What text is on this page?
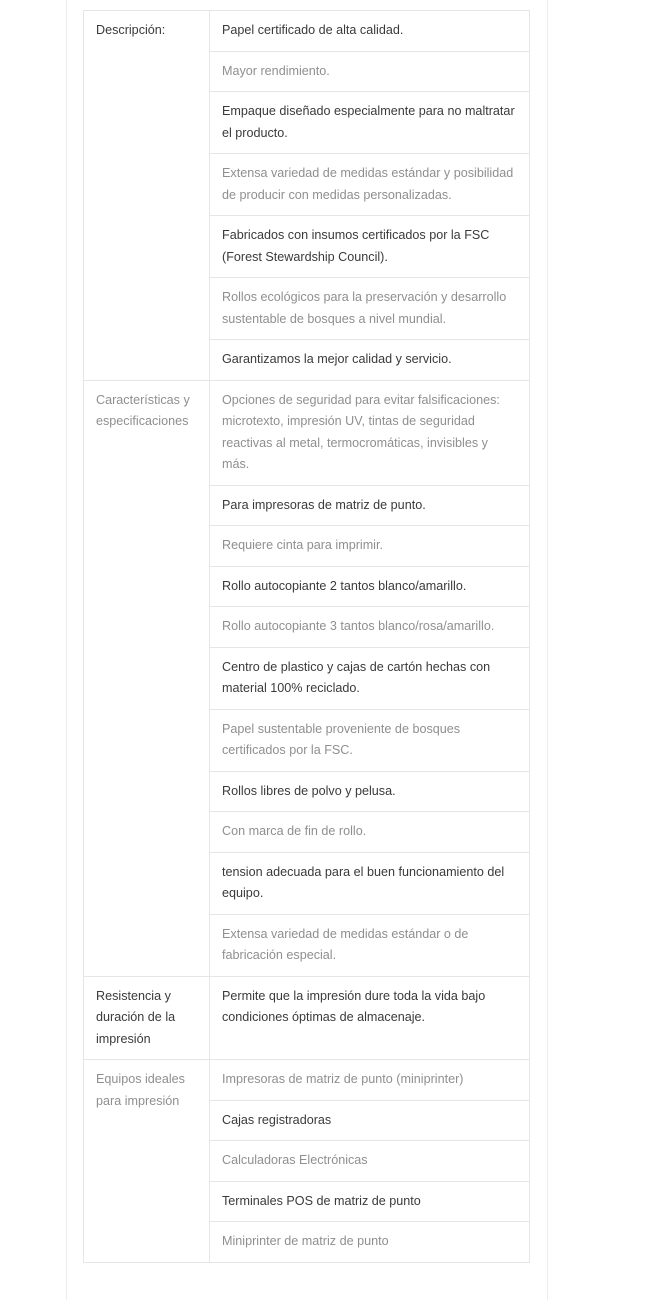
Descripción:	Papel certificado de alta calidad.
	Mayor rendimiento.
	Empaque diseñado especialmente para no maltratar el producto.
	Extensa variedad de medidas estándar y posibilidad de producir con medidas personalizadas.
	Fabricados con insumos certificados por la FSC (Forest Stewardship Council).
	Rollos ecológicos para la preservación y desarrollo sustentable de bosques a nivel mundial.
	Garantizamos la mejor calidad y servicio.
Características y especificaciones	Opciones de seguridad para evitar falsificaciones: microtexto, impresión UV, tintas de seguridad reactivas al metal, termocromáticas, invisibles y más.
	Para impresoras de matriz de punto.
	Requiere cinta para imprimir.
	Rollo autocopiante 2 tantos blanco/amarillo.
	Rollo autocopiante 3 tantos blanco/rosa/amarillo.
	Centro de plastico y cajas de cartón hechas con material 100% reciclado.
	Papel sustentable proveniente de bosques certificados por la FSC.
	Rollos libres de polvo y pelusa.
	Con marca de fin de rollo.
	tension adecuada para el buen funcionamiento del equipo.
	Extensa variedad de medidas estándar o de fabricación especial.
Resistencia y duración de la impresión	Permite que la impresión dure toda la vida bajo condiciones óptimas de almacenaje.
Equipos ideales para impresión	Impresoras de matriz de punto (miniprinter)
	Cajas registradoras
	Calculadoras Electrónicas
	Terminales POS de matriz de punto
	Miniprinter de matriz de punto
